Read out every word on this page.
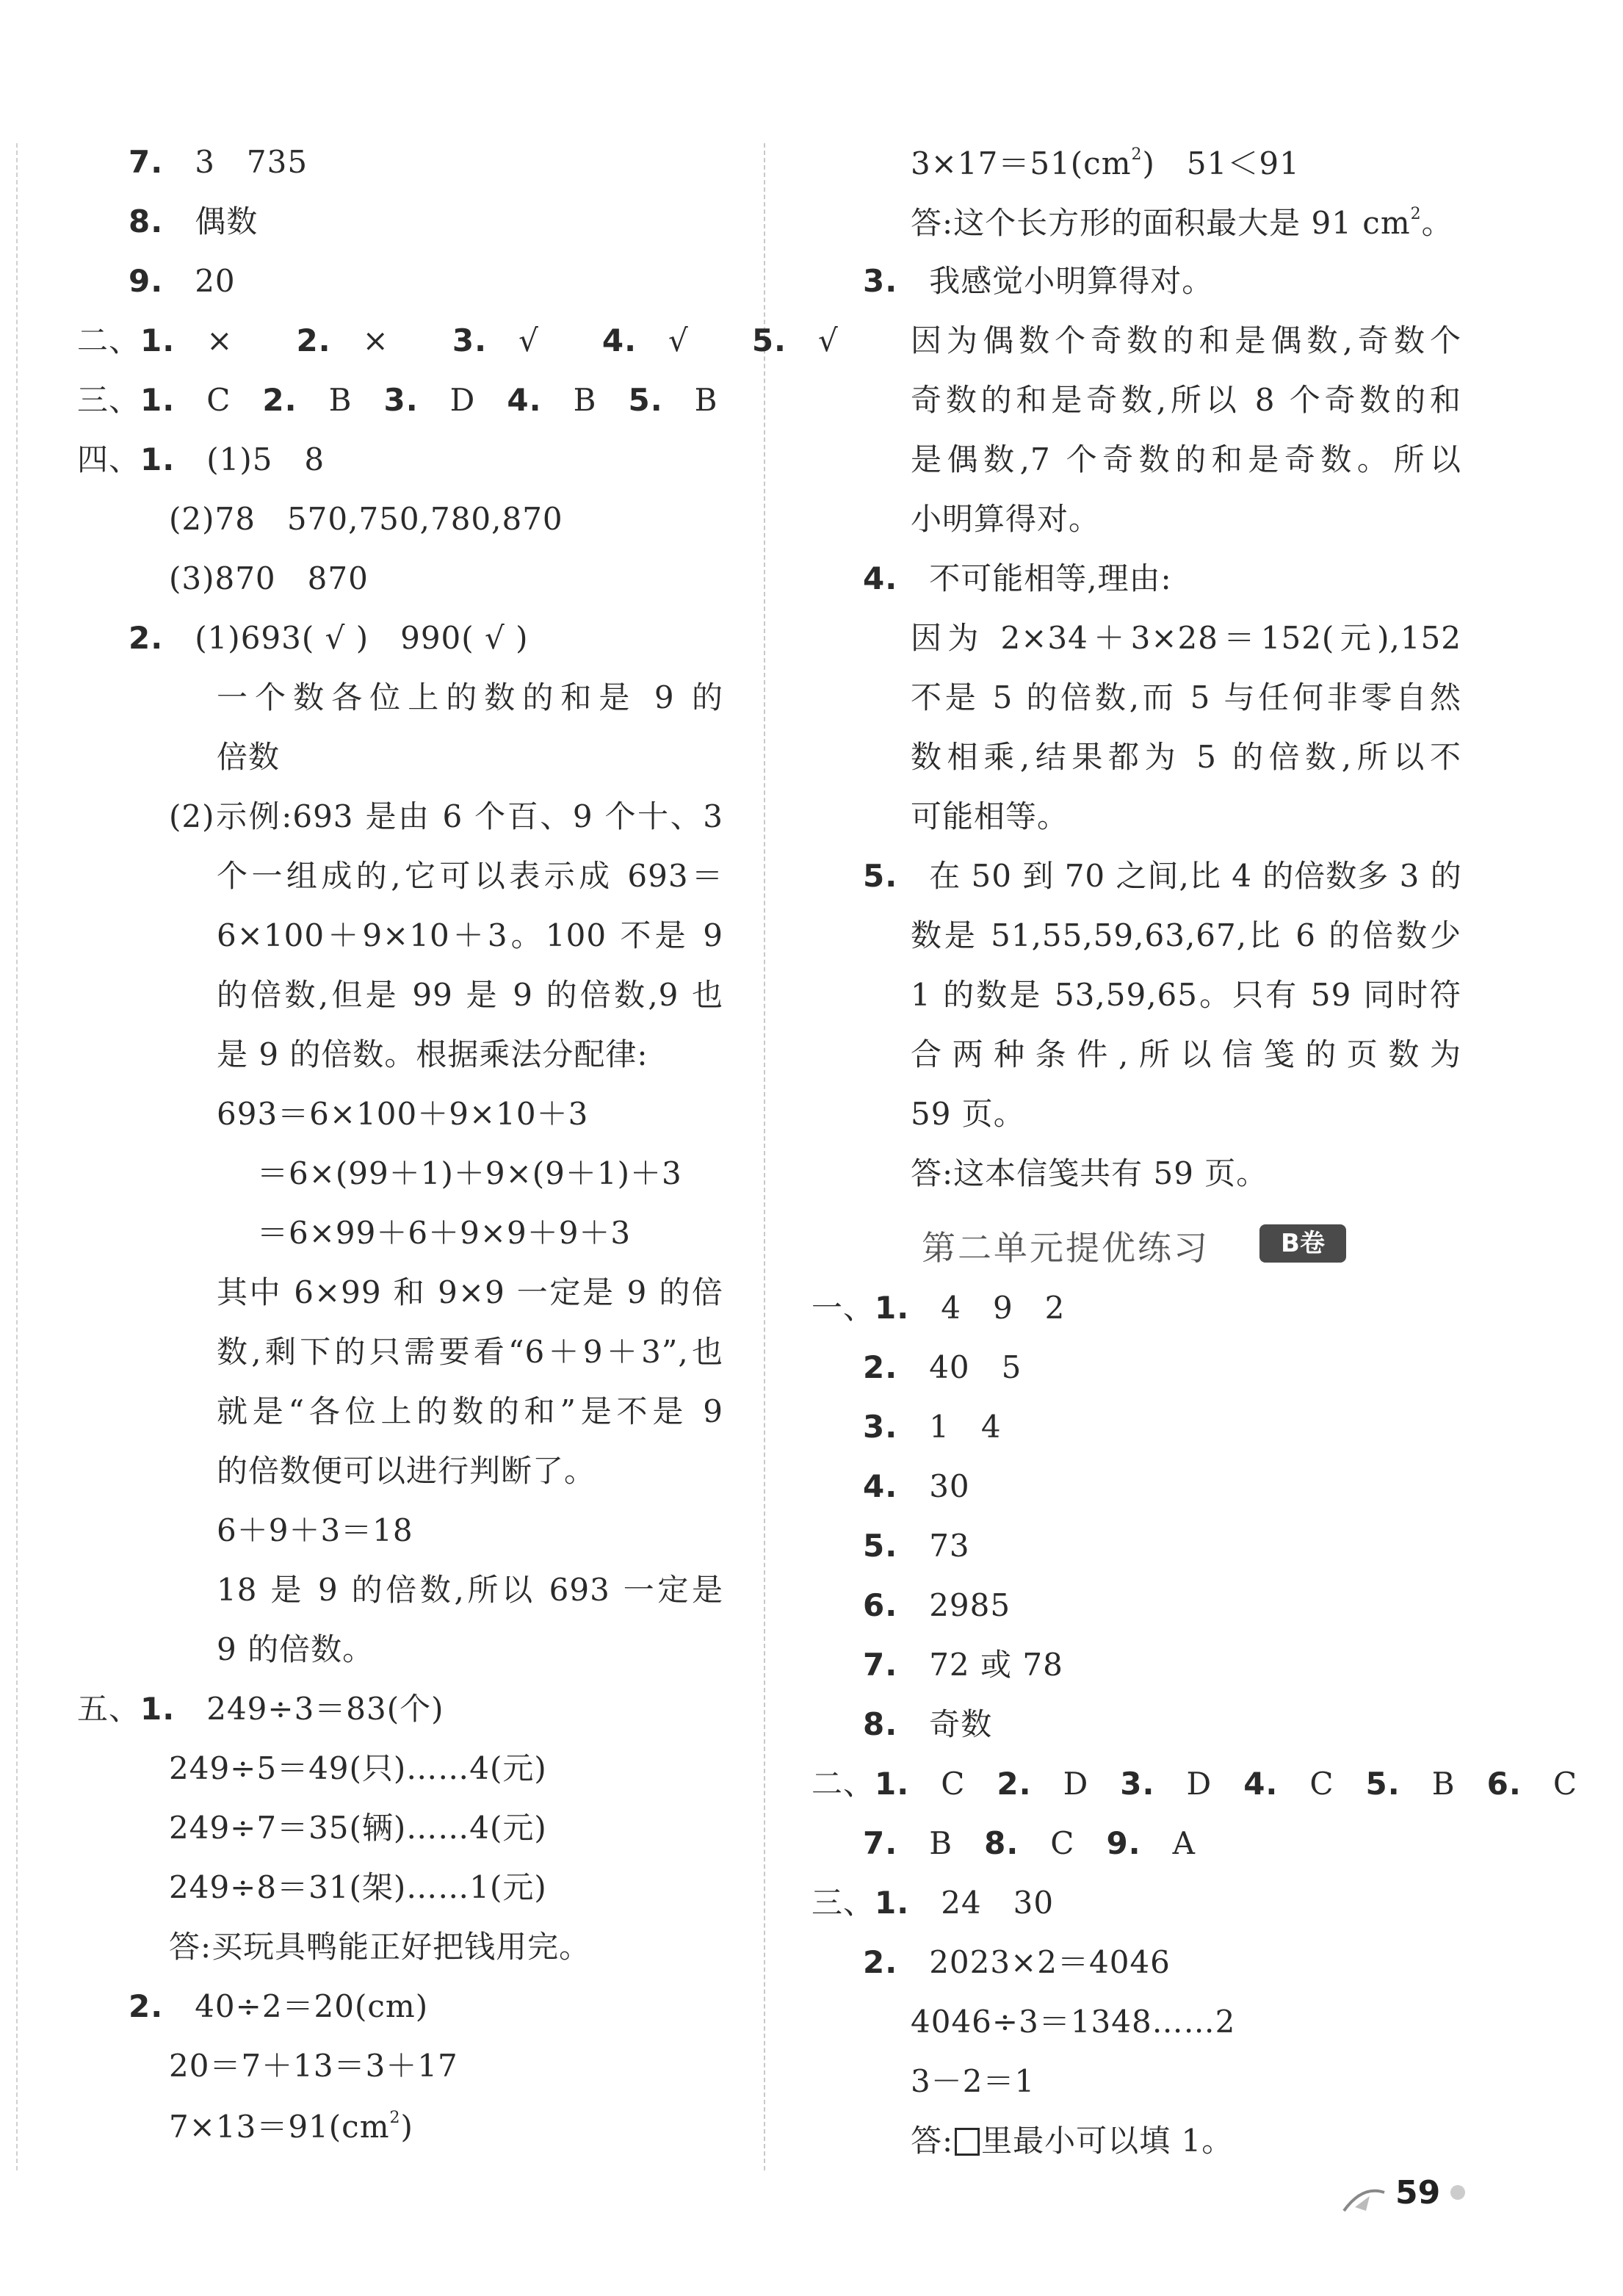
7.　 3　735
8.　 偶数
9.　 20
二、1.　 ×　　 2.　 ×　　 3.　 √　　 4.　 √　　 5.　 √
三、1.　 C　 2.　 B　 3.　 D　 4.　 B　 5.　 B
四、1.　 (1)5　8
(2)78　570,750,780,870
(3)870　870
2.　 (1)693( √ )　990( √ )
一个数各位上的数的和是 9 的
倍数
(2)示例:693 是由 6 个百、9 个十、3
个一组成的,它可以表示成 693＝
6×100＋9×10＋3。100 不是 9
的倍数,但是 99 是 9 的倍数,9 也
是 9 的倍数。根据乘法分配律:
693＝6×100＋9×10＋3
＝6×(99＋1)＋9×(9＋1)＋3
＝6×99＋6＋9×9＋9＋3
其中 6×99 和 9×9 一定是 9 的倍
数,剩下的只需要看“6＋9＋3”,也
就是“各位上的数的和”是不是 9
的倍数便可以进行判断了。
6＋9＋3＝18
18 是 9 的倍数,所以 693 一定是
9 的倍数。
五、1.　 249÷3＝83(个)
249÷5＝49(只)……4(元)
249÷7＝35(辆)……4(元)
249÷8＝31(架)……1(元)
答:买玩具鸭能正好把钱用完。
2.　 40÷2＝20(cm)
20＝7＋13＝3＋17
$7\times 13=91(cm^2)$
$3\times 17=51(cm^2)$　51＜91
答:这个长方形的面积最大是 91 $cm^2$。
3.　 我感觉小明算得对。
因为偶数个奇数的和是偶数,奇数个
奇数的和是奇数,所以 8 个奇数的和
是偶数,7 个奇数的和是奇数。所以
小明算得对。
4.　 不可能相等,理由:
因为 2×34＋3×28＝152(元),152
不是 5 的倍数,而 5 与任何非零自然
数相乘,结果都为 5 的倍数,所以不
可能相等。
5.　 在 50 到 70 之间,比 4 的倍数多 3 的
数是 51,55,59,63,67,比 6 的倍数少
1 的数是 53,59,65。只有 59 同时符
合两种条件,所以信笺的页数为
59 页。
答:这本信笺共有 59 页。
第二单元提优练习	B卷
一、1.　 4　9　2
2.　 40　5
3.　 1　4
4.　 30
5.　 73
6.　 2985
7.　 72 或 78
8.　 奇数
二、1.　 C　 2.　 D　 3.　 D　 4.　 C　 5.　 B　 6.　 C
7.　 B　 8.　 C　 9.　 A
三、1.　 24　30
2.　 2023×2＝4046
4046÷3＝1348……2
3－2＝1
答: 里最小可以填 1。
59
